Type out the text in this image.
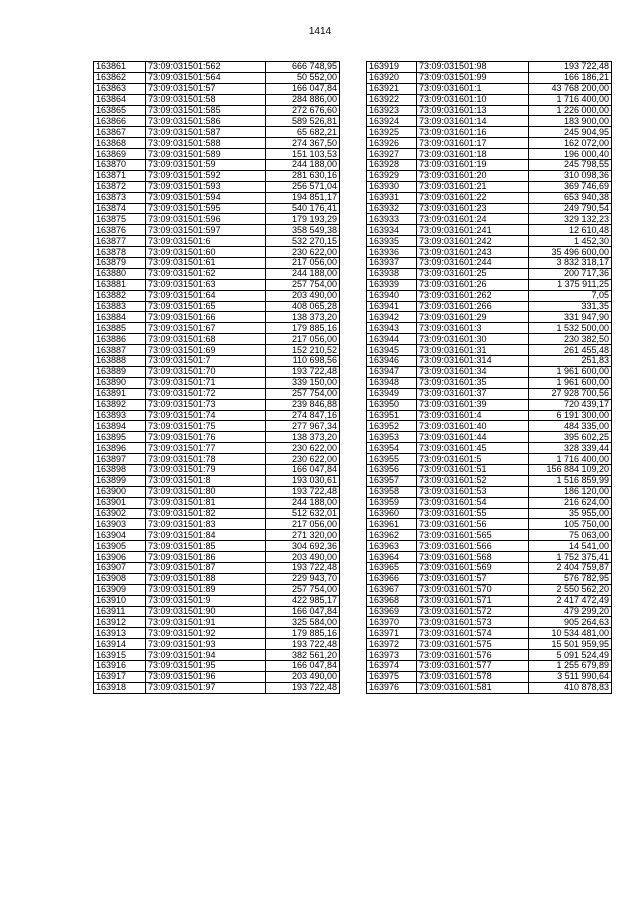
1414
163861	73:09:031501:562	666 748,95
163862	73:09:031501:564	50 552,00
163863	73:09:031501:57	166 047,84
163864	73:09:031501:58	284 886,00
163865	73:09:031501:585	272 676,60
163866	73:09:031501:586	589 526,81
163867	73:09:031501:587	65 682,21
163868	73:09:031501:588	274 367,50
163869	73:09:031501:589	151 103,53
163870	73:09:031501:59	244 188,00
163871	73:09:031501:592	281 630,16
163872	73:09:031501:593	256 571,04
163873	73:09:031501:594	194 851,17
163874	73:09:031501:595	540 176,41
163875	73:09:031501:596	179 193,29
163876	73:09:031501:597	358 549,38
163877	73:09:031501:6	532 270,15
163878	73:09:031501:60	230 622,00
163879	73:09:031501:61	217 056,00
163880	73:09:031501:62	244 188,00
163881	73:09:031501:63	257 754,00
163882	73:09:031501:64	203 490,00
163883	73:09:031501:65	408 065,28
163884	73:09:031501:66	138 373,20
163885	73:09:031501:67	179 885,16
163886	73:09:031501:68	217 056,00
163887	73:09:031501:69	152 210,52
163888	73:09:031501:7	110 698,56
163889	73:09:031501:70	193 722,48
163890	73:09:031501:71	339 150,00
163891	73:09:031501:72	257 754,00
163892	73:09:031501:73	239 846,88
163893	73:09:031501:74	274 847,16
163894	73:09:031501:75	277 967,34
163895	73:09:031501:76	138 373,20
163896	73:09:031501:77	230 622,00
163897	73:09:031501:78	230 622,00
163898	73:09:031501:79	166 047,84
163899	73:09:031501:8	193 030,61
163900	73:09:031501:80	193 722,48
163901	73:09:031501:81	244 188,00
163902	73:09:031501:82	512 632,01
163903	73:09:031501:83	217 056,00
163904	73:09:031501:84	271 320,00
163905	73:09:031501:85	304 692,36
163906	73:09:031501:86	203 490,00
163907	73:09:031501:87	193 722,48
163908	73:09:031501:88	229 943,70
163909	73:09:031501:89	257 754,00
163910	73:09:031501:9	422 985,17
163911	73:09:031501:90	166 047,84
163912	73:09:031501:91	325 584,00
163913	73:09:031501:92	179 885,16
163914	73:09:031501:93	193 722,48
163915	73:09:031501:94	382 561,20
163916	73:09:031501:95	166 047,84
163917	73:09:031501:96	203 490,00
163918	73:09:031501:97	193 722,48
163919	73:09:031501:98	193 722,48
163920	73:09:031501:99	166 186,21
163921	73:09:031601:1	43 768 200,00
163922	73:09:031601:10	1 716 400,00
163923	73:09:031601:13	1 226 000,00
163924	73:09:031601:14	183 900,00
163925	73:09:031601:16	245 904,95
163926	73:09:031601:17	162 072,00
163927	73:09:031601:18	196 000,40
163928	73:09:031601:19	245 798,55
163929	73:09:031601:20	310 098,36
163930	73:09:031601:21	369 746,69
163931	73:09:031601:22	653 940,38
163932	73:09:031601:23	249 790,54
163933	73:09:031601:24	329 132,23
163934	73:09:031601:241	12 610,48
163935	73:09:031601:242	1 452,30
163936	73:09:031601:243	35 496 600,00
163937	73:09:031601:244	3 832 318,17
163938	73:09:031601:25	200 717,36
163939	73:09:031601:26	1 375 911,25
163940	73:09:031601:262	7,05
163941	73:09:031601:266	331,35
163942	73:09:031601:29	331 947,90
163943	73:09:031601:3	1 532 500,00
163944	73:09:031601:30	230 382,50
163945	73:09:031601:31	261 455,48
163946	73:09:031601:314	251,83
163947	73:09:031601:34	1 961 600,00
163948	73:09:031601:35	1 961 600,00
163949	73:09:031601:37	27 928 700,56
163950	73:09:031601:39	720 439,17
163951	73:09:031601:4	6 191 300,00
163952	73:09:031601:40	484 335,00
163953	73:09:031601:44	395 602,25
163954	73:09:031601:45	328 339,44
163955	73:09:031601:5	1 716 400,00
163956	73:09:031601:51	156 884 109,20
163957	73:09:031601:52	1 516 859,99
163958	73:09:031601:53	186 120,00
163959	73:09:031601:54	216 624,00
163960	73:09:031601:55	35 955,00
163961	73:09:031601:56	105 750,00
163962	73:09:031601:565	75 063,00
163963	73:09:031601:566	14 541,00
163964	73:09:031601:568	1 752 375,41
163965	73:09:031601:569	2 404 759,87
163966	73:09:031601:57	576 782,95
163967	73:09:031601:570	2 550 562,20
163968	73:09:031601:571	2 417 472,49
163969	73:09:031601:572	479 299,20
163970	73:09:031601:573	905 264,63
163971	73:09:031601:574	10 534 481,00
163972	73:09:031601:575	15 501 959,95
163973	73:09:031601:576	5 091 524,49
163974	73:09:031601:577	1 255 679,89
163975	73:09:031601:578	3 511 990,64
163976	73:09:031601:581	410 878,83
